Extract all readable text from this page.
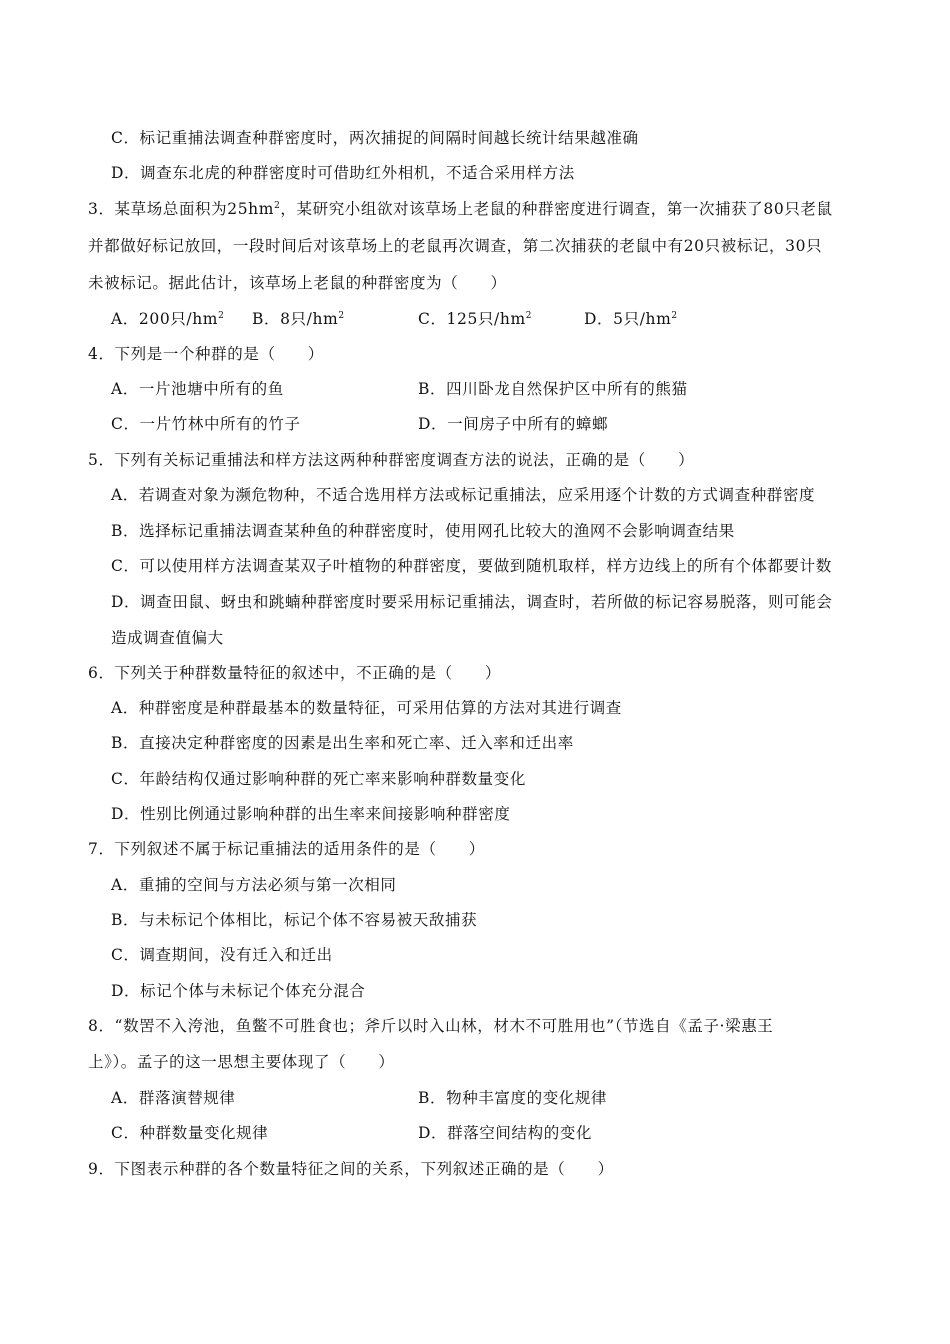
C．标记重捕法调查种群密度时，两次捕捉的间隔时间越长统计结果越准确
D．调查东北虎的种群密度时可借助红外相机，不适合采用样方法
3．某草场总面积为$25hm^2$，某研究小组欲对该草场上老鼠的种群密度进行调查，第一次捕获了80只老鼠
并都做好标记放回，一段时间后对该草场上的老鼠再次调查，第二次捕获的老鼠中有20只被标记，30只
未被标记。据此估计，该草场上老鼠的种群密度为（　　）
A．200只$/hm^2$ B．8只$/hm^2$	C．125只$/hm^2$	D．5只$/hm^2$
4．下列是一个种群的是（　　）
A．一片池塘中所有的鱼	B．四川卧龙自然保护区中所有的熊猫
C．一片竹林中所有的竹子	D．一间房子中所有的蟑螂
5．下列有关标记重捕法和样方法这两种种群密度调查方法的说法，正确的是（　　）
A．若调查对象为濒危物种，不适合选用样方法或标记重捕法，应采用逐个计数的方式调查种群密度
B．选择标记重捕法调查某种鱼的种群密度时，使用网孔比较大的渔网不会影响调查结果
C．可以使用样方法调查某双子叶植物的种群密度，要做到随机取样，样方边线上的所有个体都要计数
D．调查田鼠、蚜虫和跳蝻种群密度时要采用标记重捕法，调查时，若所做的标记容易脱落，则可能会
造成调查值偏大
6．下列关于种群数量特征的叙述中，不正确的是（　　）
A．种群密度是种群最基本的数量特征，可采用估算的方法对其进行调查
B．直接决定种群密度的因素是出生率和死亡率、迁入率和迁出率
C．年龄结构仅通过影响种群的死亡率来影响种群数量变化
D．性别比例通过影响种群的出生率来间接影响种群密度
7．下列叙述不属于标记重捕法的适用条件的是（　　）
A．重捕的空间与方法必须与第一次相同
B．与未标记个体相比，标记个体不容易被天敌捕获
C．调查期间，没有迁入和迁出
D．标记个体与未标记个体充分混合
8．“数罟不入洿池，鱼鳖不可胜食也；斧斤以时入山林，材木不可胜用也”（节选自《孟子·梁惠王
上》）。孟子的这一思想主要体现了（　　）
A．群落演替规律	B．物种丰富度的变化规律
C．种群数量变化规律	D．群落空间结构的变化
9．下图表示种群的各个数量特征之间的关系，下列叙述正确的是（　　）
